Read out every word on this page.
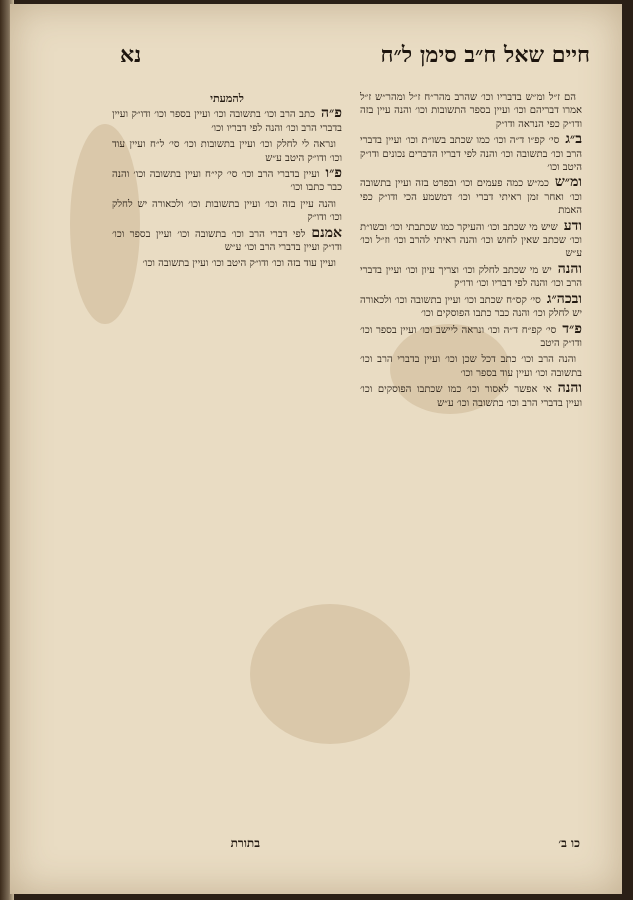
חיים שאל ח״ב סימן ל״ח
נא

הם ז״ל ומ״ש בדבריו וכו׳ שהרב מהר״ח ז״ל ומהר״ש ז״ל אמרו דבריהם וכו׳ ועיין בספר התשובות וכו׳ והנה עיין בזה ודו״ק כפי הנראה ודו״ק

ב״גסי׳ קפ״ו ד״ה וכו׳ כמו שכתב בשו״ת וכו׳ ועיין בדברי הרב וכו׳ בתשובה וכו׳ והנה לפי דבריו הדברים נכונים ודו״ק היטב וכו׳

ומ״שכמ״ש כמה פעמים וכו׳ ובפרט בזה ועיין בתשובה וכו׳ ואחר זמן ראיתי דברי וכו׳ דמשמע הכי ודו״ק כפי האמת

ודעשיש מי שכתב וכו׳ והעיקר כמו שכתבתי וכו׳ ובשו״ת וכו׳ שכתב שאין לחוש וכו׳ והנה ראיתי להרב וכו׳ וז״ל וכו׳ ע״ש

והנהיש מי שכתב לחלק וכו׳ וצריך עיון וכו׳ ועיין בדברי הרב וכו׳ והנה לפי דבריו וכו׳ ודו״ק

ובכה״גסי׳ קס״ח שכתב וכו׳ ועיין בתשובה וכו׳ ולכאורה יש לחלק וכו׳ והנה כבר כתבו הפוסקים וכו׳

פ״דסי׳ קפ״ח ד״ה וכו׳ ונראה ליישב וכו׳ ועיין בספר וכו׳ ודו״ק היטב

והנה הרב וכו׳ כתב דכל שכן וכו׳ ועיין בדברי הרב וכו׳ בתשובה וכו׳ ועיין עוד בספר וכו׳

והנהאי אפשר לאסור וכו׳ כמו שכתבו הפוסקים וכו׳ ועיין בדברי הרב וכו׳ בתשובה וכו׳ ע״ש

להמעתי

פ״הכתב הרב וכו׳ בתשובה וכו׳ ועיין בספר וכו׳ ודו״ק ועיין בדברי הרב וכו׳ והנה לפי דבריו וכו׳

ונראה לי לחלק וכו׳ ועיין בתשובות וכו׳ סי׳ ל״ח ועיין עוד וכו׳ ודו״ק היטב ע״ש

פ״וועיין בדברי הרב וכו׳ סי׳ קי״ח ועיין בתשובה וכו׳ והנה כבר כתבו וכו׳

והנה עיין בזה וכו׳ ועיין בתשובות וכו׳ ולכאורה יש לחלק וכו׳ ודו״ק

אמנםלפי דברי הרב וכו׳ בתשובה וכו׳ ועיין בספר וכו׳ ודו״ק ועיין בדברי הרב וכו׳ ע״ש

ועיין עוד בזה וכו׳ ודו״ק היטב וכו׳ ועיין בתשובה וכו׳

כו ב׳
בתורת
